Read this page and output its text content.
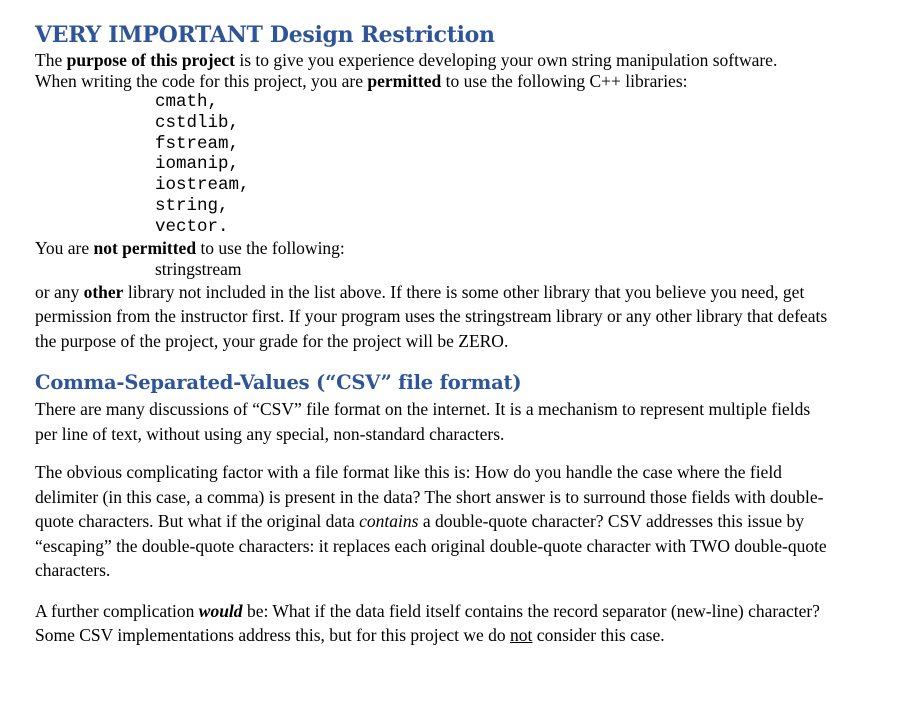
VERY IMPORTANT Design Restriction

The purpose of this project is to give you experience developing your own string manipulation software.

When writing the code for this project, you are permitted to use the following C++ libraries:

cmath,
cstdlib,
fstream,
iomanip,
iostream,
string,
vector.

You are not permitted to use the following:

stringstream

or any other library not included in the list above. If there is some other library that you believe you need, get
permission from the instructor first. If your program uses the stringstream library or any other library that defeats
the purpose of the project, your grade for the project will be ZERO.

Comma-Separated-Values (“CSV” file format)

There are many discussions of “CSV” file format on the internet. It is a mechanism to represent multiple fields
per line of text, without using any special, non-standard characters.

The obvious complicating factor with a file format like this is: How do you handle the case where the field
delimiter (in this case, a comma) is present in the data? The short answer is to surround those fields with double-
quote characters. But what if the original data contains a double-quote character? CSV addresses this issue by
“escaping” the double-quote characters: it replaces each original double-quote character with TWO double-quote
characters.

A further complication would be: What if the data field itself contains the record separator (new-line) character?
Some CSV implementations address this, but for this project we do not consider this case.
